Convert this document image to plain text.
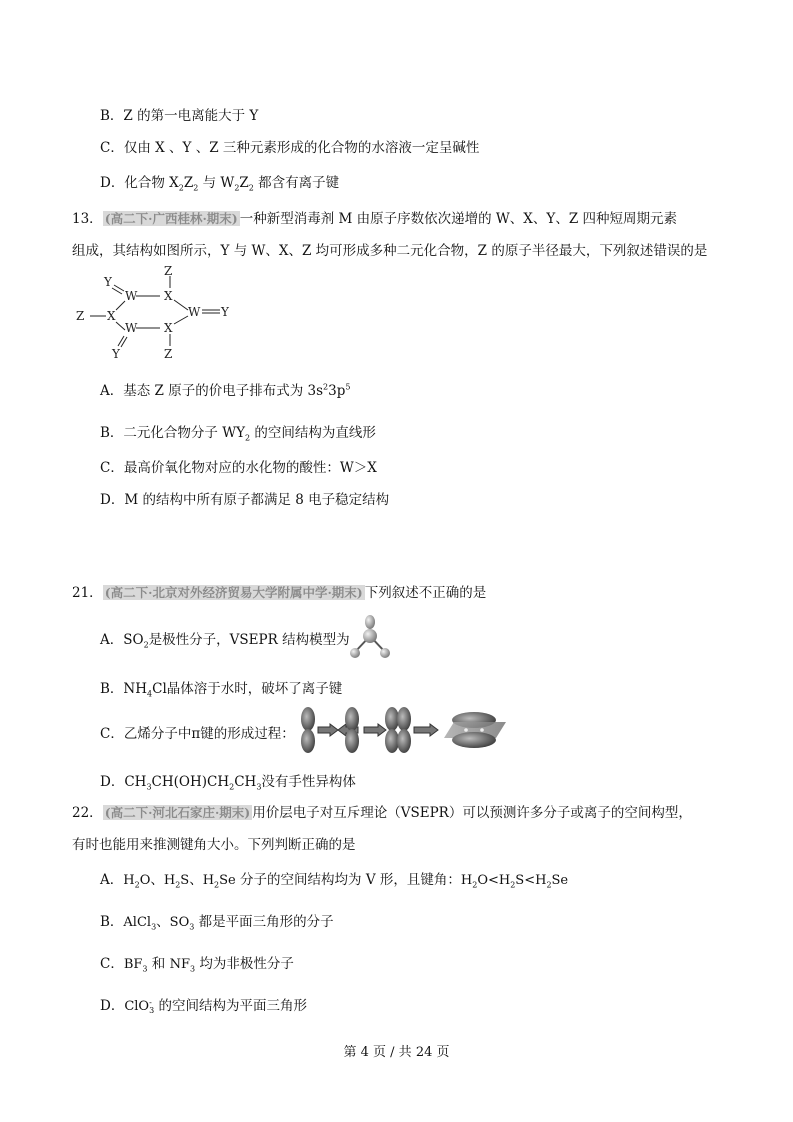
B．Z 的第一电离能大于 Y
C．仅由 X 、Y 、Z 三种元素形成的化合物的水溶液一定呈碱性
D．化合物 $X_2Z_2$ 与 $W_2Z_2$ 都含有离子键
13． (高二下·广西桂林·期末) 一种新型消毒剂 M 由原子序数依次递增的 W、X、Y、Z 四种短周期元素
组成，其结构如图所示，Y 与 W、X、Z 均可形成多种二元化合物，Z 的原子半径最大，下列叙述错误的是
Y
W
Z
X
W Y
Z X
W X
Z
Y
A．基态 Z 原子的价电子排布式为 $3s^23p^5$
B．二元化合物分子 $WY_2$ 的空间结构为直线形
C．最高价氧化物对应的水化物的酸性：W＞X
D．M 的结构中所有原子都满足 8 电子稳定结构
21． (高二下·北京对外经济贸易大学附属中学·期末) 下列叙述不正确的是
A．$SO_2$是极性分子，VSEPR 结构模型为
B．$NH_4Cl$晶体溶于水时，破坏了离子键
C．乙烯分子中π键的形成过程：
D．$CH_3CH(OH)CH_2CH_3$没有手性异构体
22． (高二下·河北石家庄·期末) 用价层电子对互斥理论（VSEPR）可以预测许多分子或离子的空间构型，
有时也能用来推测键角大小。下列判断正确的是
A．$H_2O$、$H_2S$、$H_2Se$ 分子的空间结构均为 V 形，且键角：$H_2O<H_2S<H_2Se$
B．AlCl$_3$、$SO_3$ 都是平面三角形的分子
C．$BF_3$ 和 $NF_3$ 均为非极性分子
D．ClO -
3 的空间结构为平面三角形
第 4 页 / 共 24 页
